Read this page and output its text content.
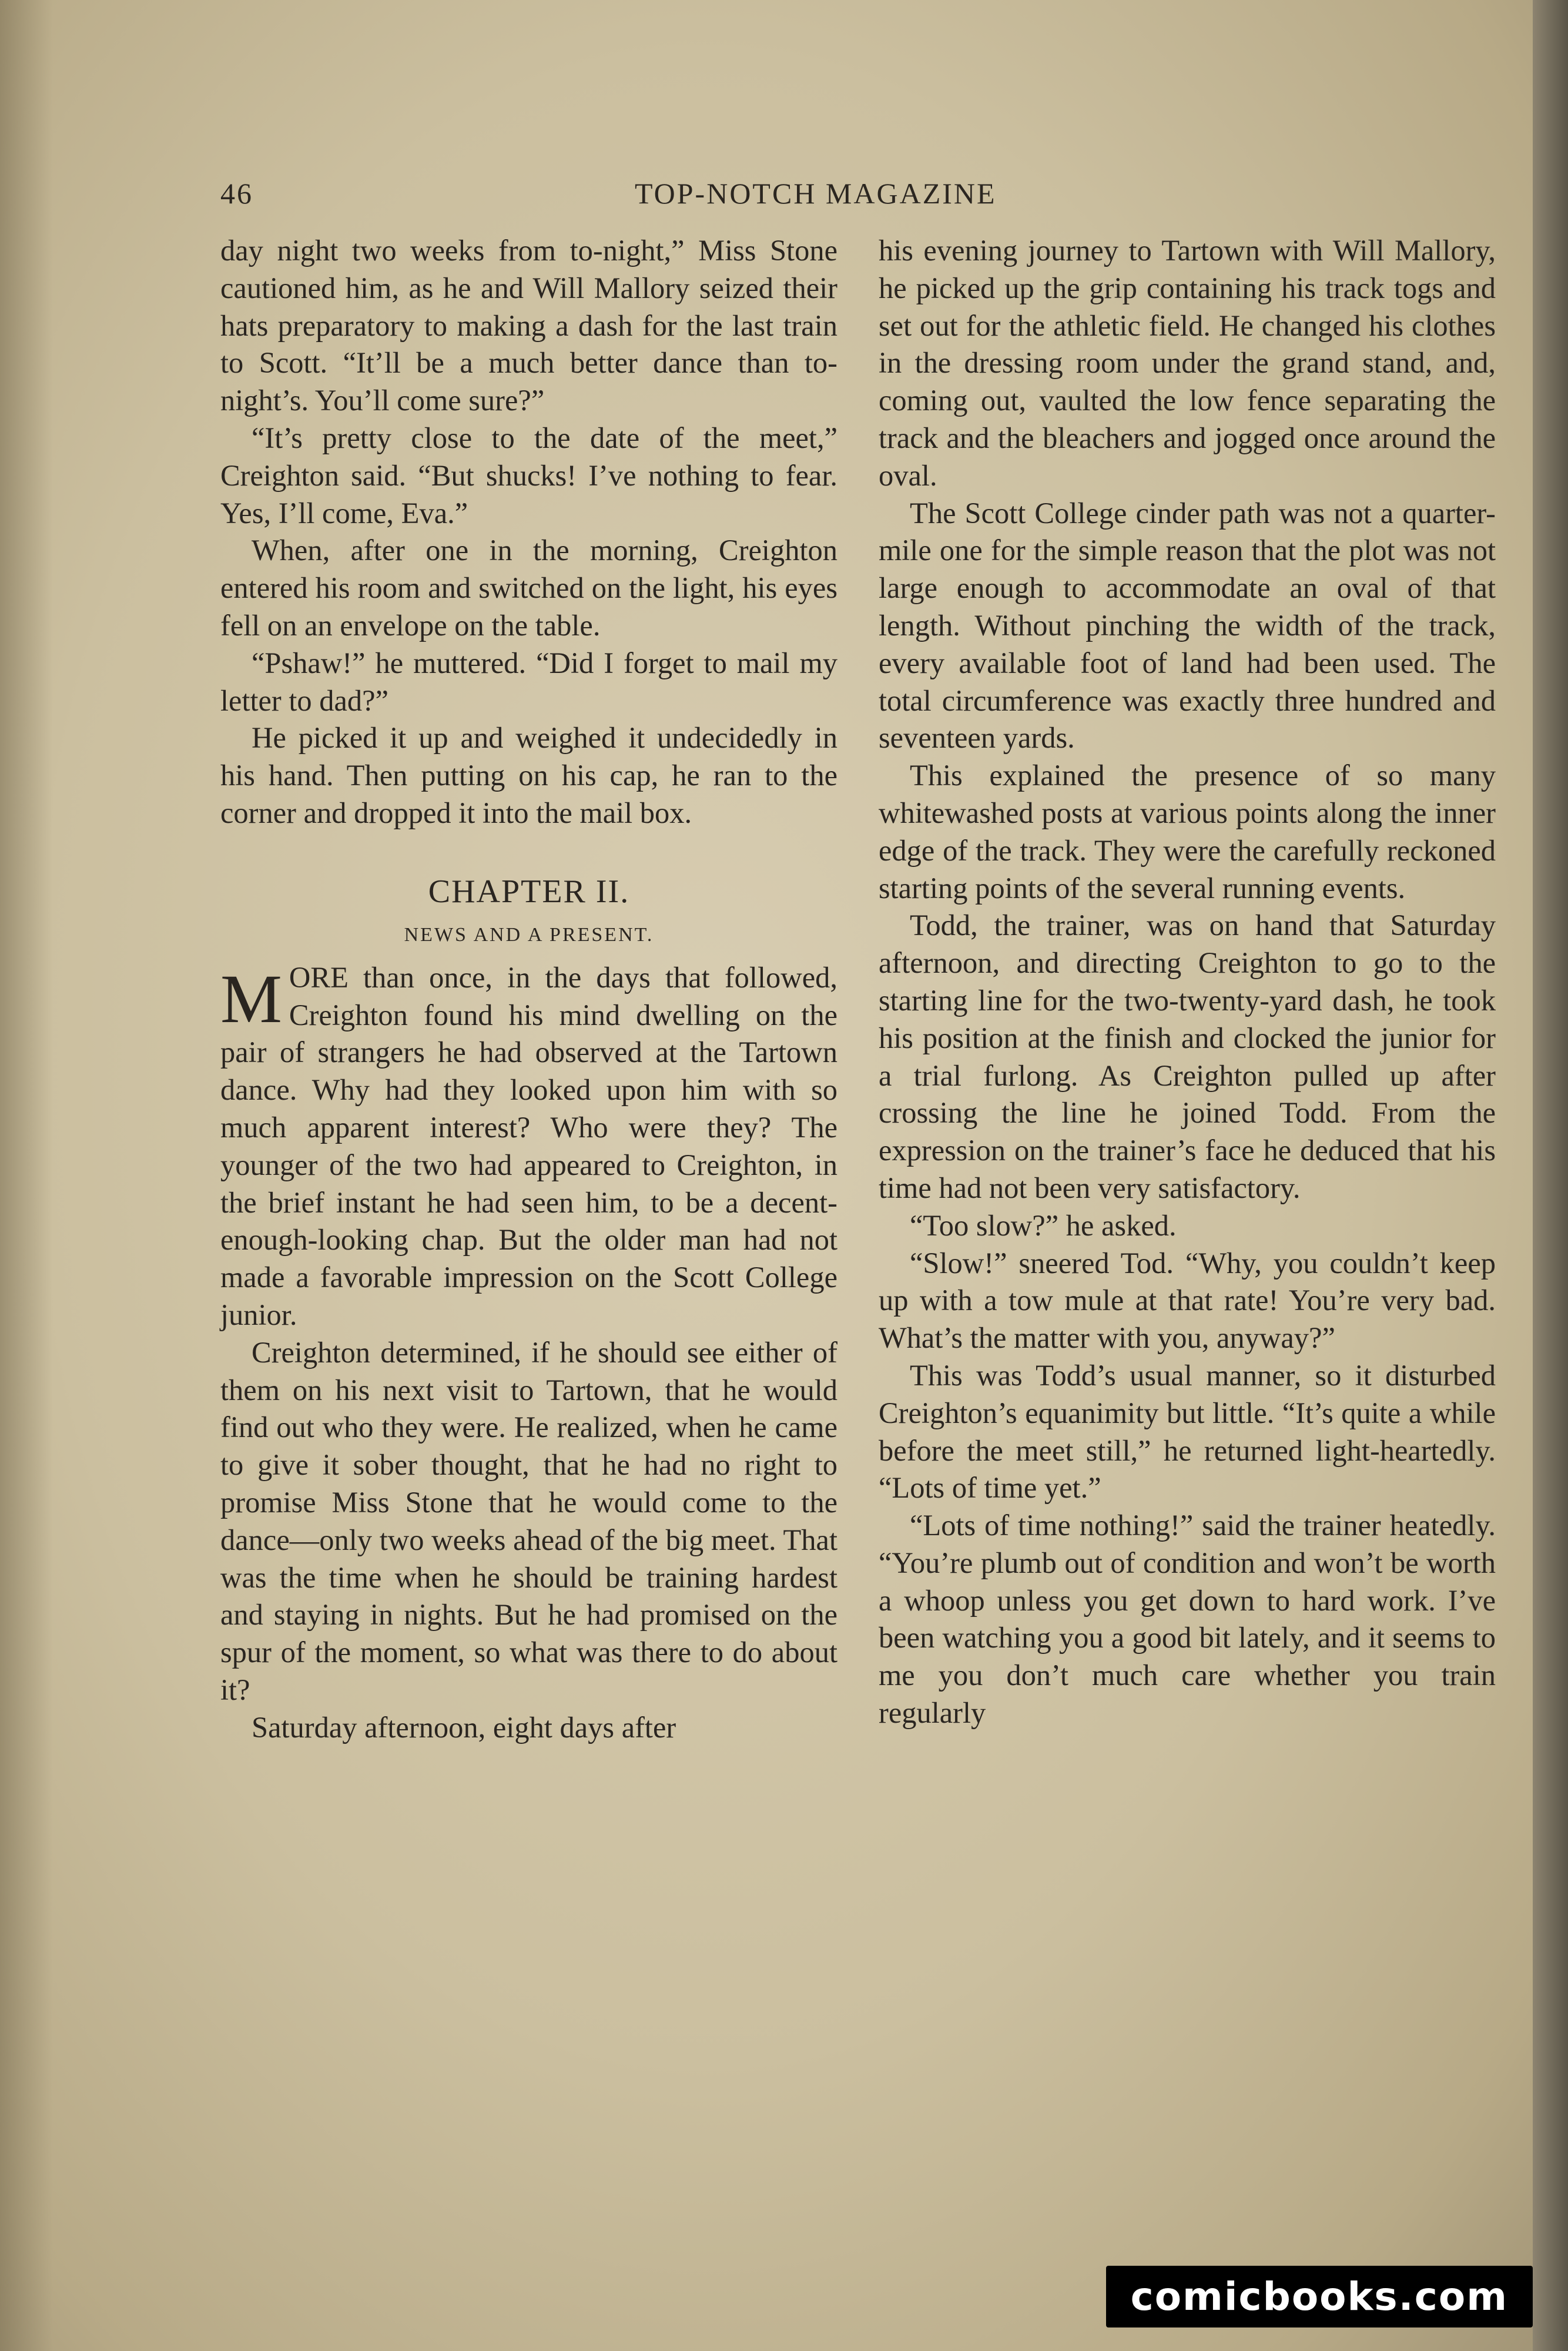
46	TOP-NOTCH MAGAZINE

day night two weeks from to-night,” Miss Stone cautioned him, as he and Will Mallory seized their hats preparatory to making a dash for the last train to Scott. “It’ll be a much better dance than to-night’s. You’ll come sure?”

“It’s pretty close to the date of the meet,” Creighton said. “But shucks! I’ve nothing to fear. Yes, I’ll come, Eva.”

When, after one in the morning, Creighton entered his room and switched on the light, his eyes fell on an envelope on the table.

“Pshaw!” he muttered. “Did I forget to mail my letter to dad?”

He picked it up and weighed it undecidedly in his hand. Then putting on his cap, he ran to the corner and dropped it into the mail box.

CHAPTER II.
NEWS AND A PRESENT.

MORE than once, in the days that followed, Creighton found his mind dwelling on the pair of strangers he had observed at the Tartown dance. Why had they looked upon him with so much apparent interest? Who were they? The younger of the two had appeared to Creighton, in the brief instant he had seen him, to be a decent-enough-looking chap. But the older man had not made a favorable impression on the Scott College junior.

Creighton determined, if he should see either of them on his next visit to Tartown, that he would find out who they were. He realized, when he came to give it sober thought, that he had no right to promise Miss Stone that he would come to the dance—only two weeks ahead of the big meet. That was the time when he should be training hardest and staying in nights. But he had promised on the spur of the moment, so what was there to do about it?

Saturday afternoon, eight days after

his evening journey to Tartown with Will Mallory, he picked up the grip containing his track togs and set out for the athletic field. He changed his clothes in the dressing room under the grand stand, and, coming out, vaulted the low fence separating the track and the bleachers and jogged once around the oval.

The Scott College cinder path was not a quarter-mile one for the simple reason that the plot was not large enough to accommodate an oval of that length. Without pinching the width of the track, every available foot of land had been used. The total circumference was exactly three hundred and seventeen yards.

This explained the presence of so many whitewashed posts at various points along the inner edge of the track. They were the carefully reckoned starting points of the several running events.

Todd, the trainer, was on hand that Saturday afternoon, and directing Creighton to go to the starting line for the two-twenty-yard dash, he took his position at the finish and clocked the junior for a trial furlong. As Creighton pulled up after crossing the line he joined Todd. From the expression on the trainer’s face he deduced that his time had not been very satisfactory.

“Too slow?” he asked.

“Slow!” sneered Tod. “Why, you couldn’t keep up with a tow mule at that rate! You’re very bad. What’s the matter with you, anyway?”

This was Todd’s usual manner, so it disturbed Creighton’s equanimity but little. “It’s quite a while before the meet still,” he returned light-heartedly. “Lots of time yet.”

“Lots of time nothing!” said the trainer heatedly. “You’re plumb out of condition and won’t be worth a whoop unless you get down to hard work. I’ve been watching you a good bit lately, and it seems to me you don’t much care whether you train regularly

comicbooks.com
